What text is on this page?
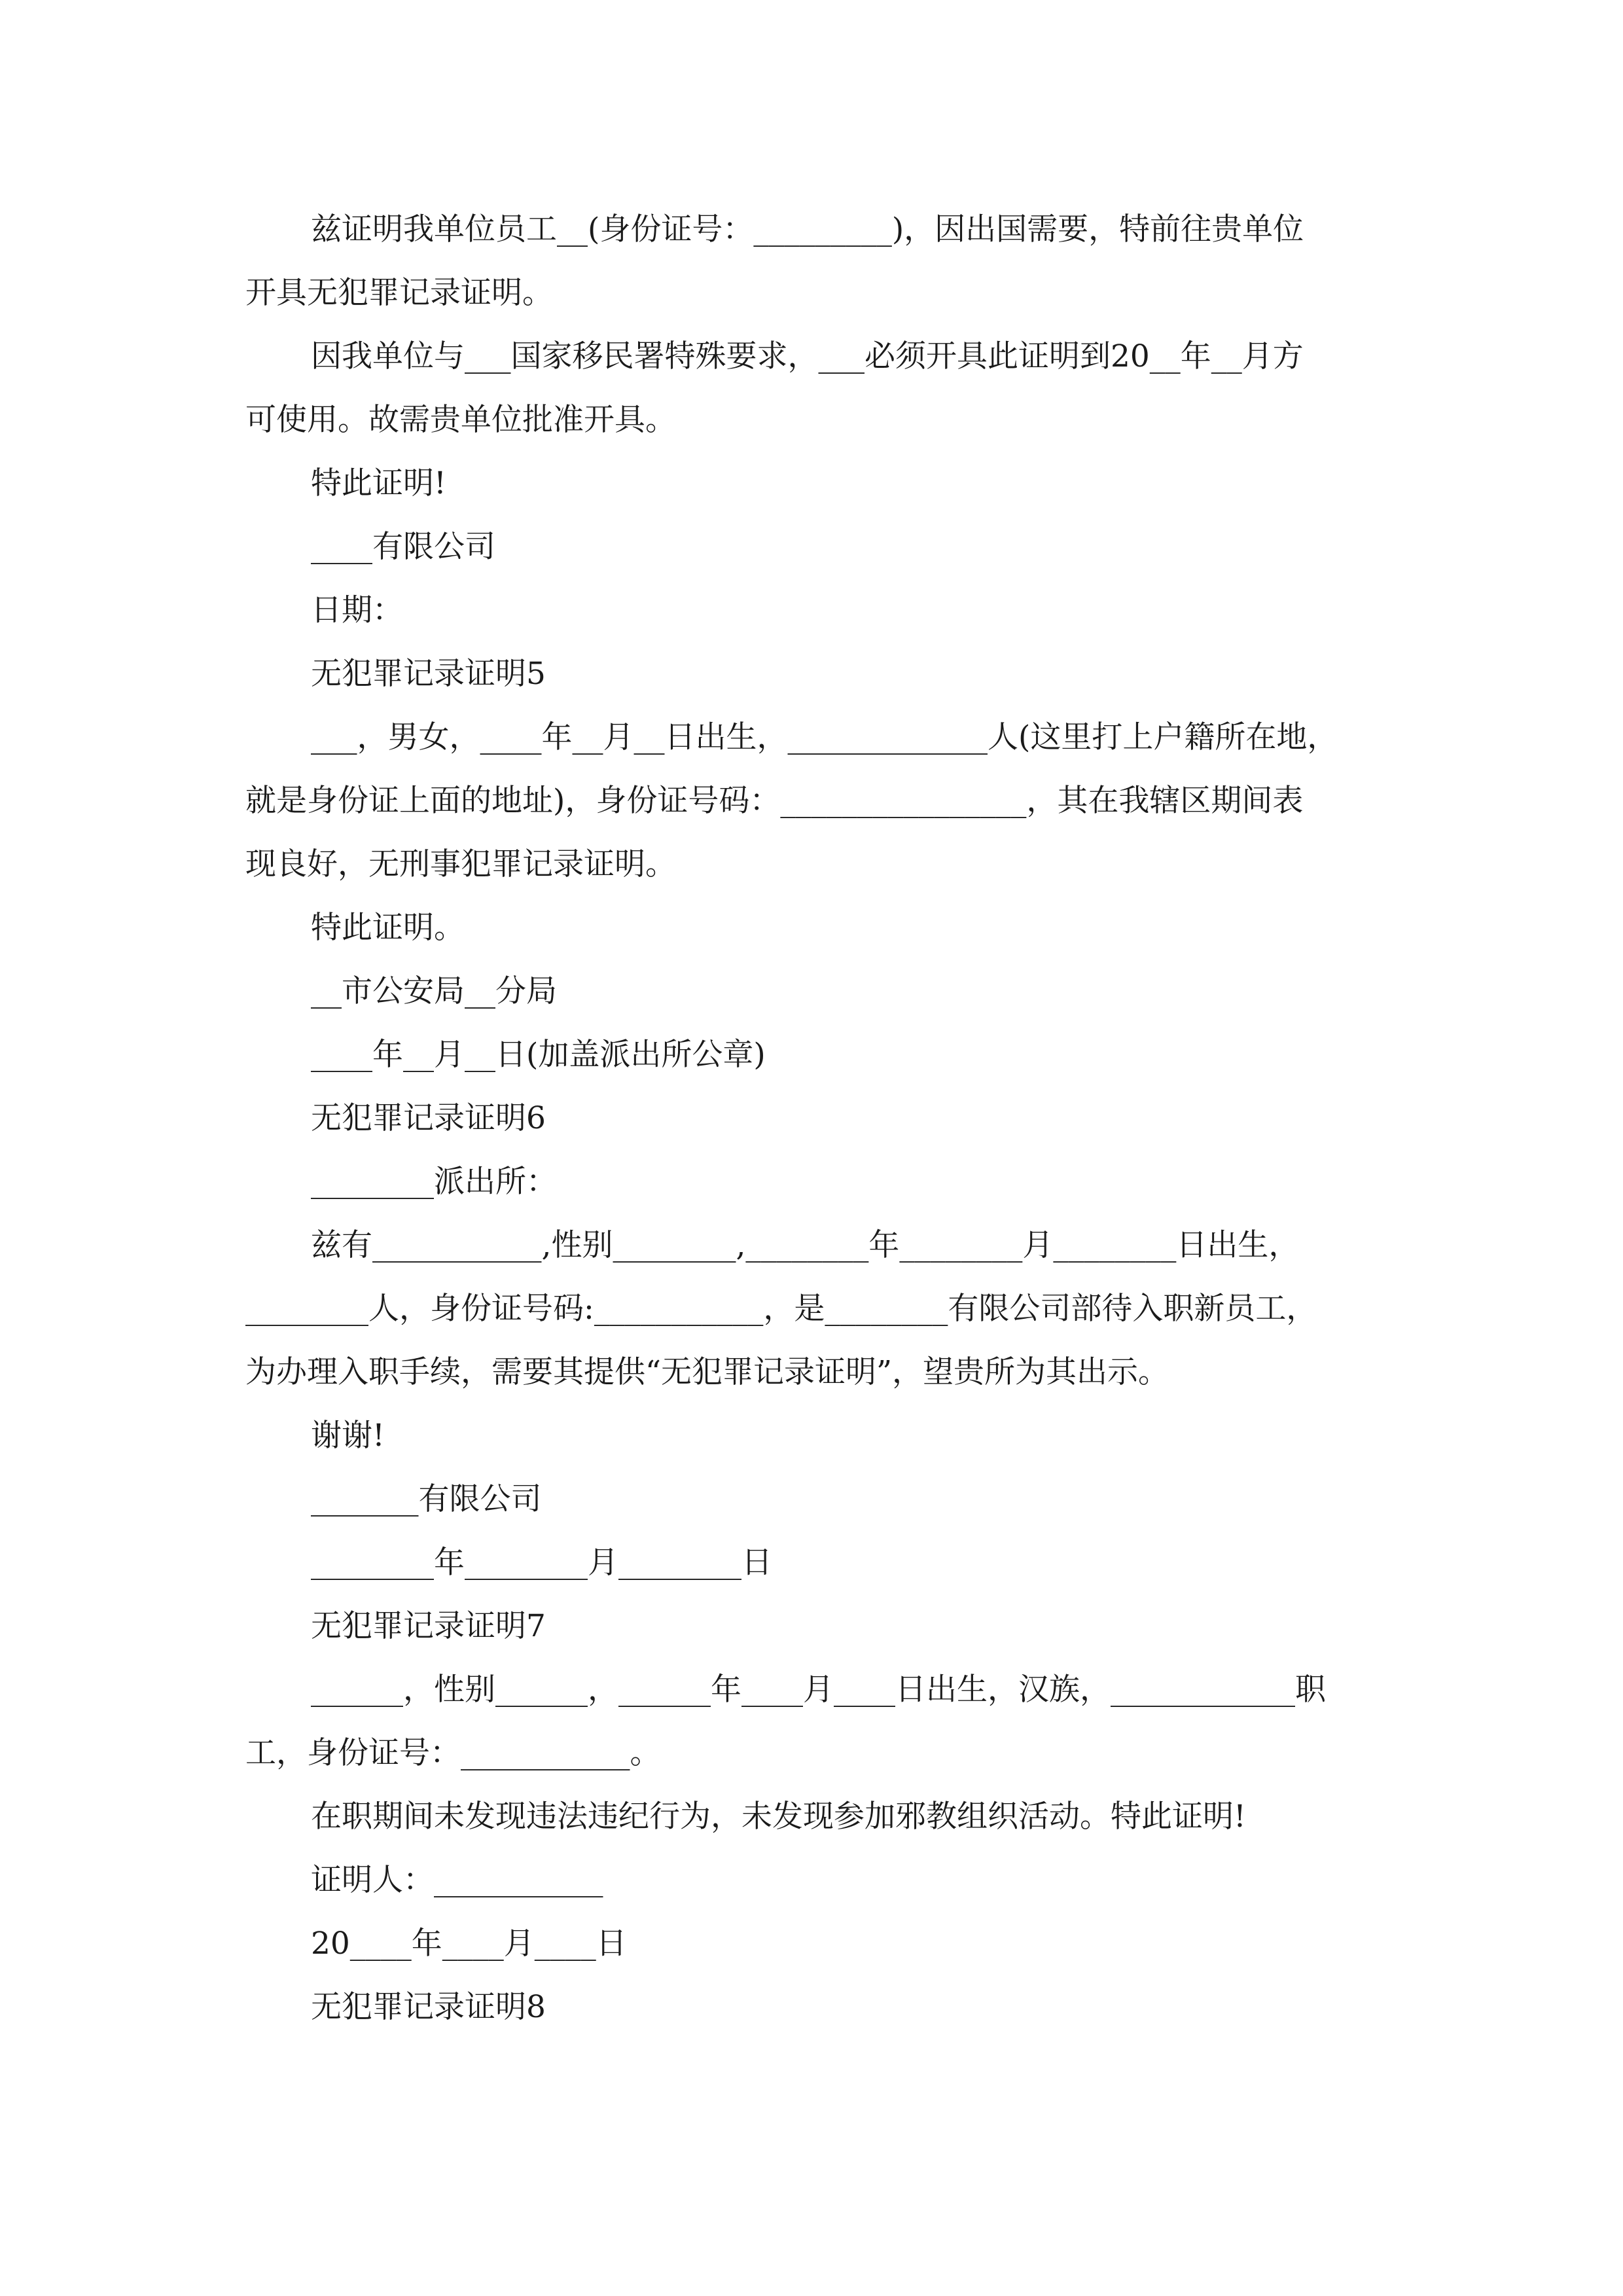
兹证明我单位员工__(身份证号：_________)，因出国需要，特前往贵单位
开具无犯罪记录证明。
因我单位与___国家移民署特殊要求，___必须开具此证明到20__年__月方
可使用。故需贵单位批准开具。
特此证明!
____有限公司
日期：
无犯罪记录证明5
___，男女，____年__月__日出生，_____________人(这里打上户籍所在地，
就是身份证上面的地址)，身份证号码：________________，其在我辖区期间表
现良好，无刑事犯罪记录证明。
特此证明。
__市公安局__分局
____年__月__日(加盖派出所公章)
无犯罪记录证明6
________派出所：
兹有___________,性别________,________年________月________日出生，
________人，身份证号码:___________，是________有限公司部待入职新员工，
为办理入职手续，需要其提供“无犯罪记录证明”，望贵所为其出示。
谢谢!
_______有限公司
________年________月________日
无犯罪记录证明7
______，性别______，______年____月____日出生，汉族，____________职
工，身份证号：___________。
在职期间未发现违法违纪行为，未发现参加邪教组织活动。特此证明!
证明人：___________
20____年____月____日
无犯罪记录证明8
